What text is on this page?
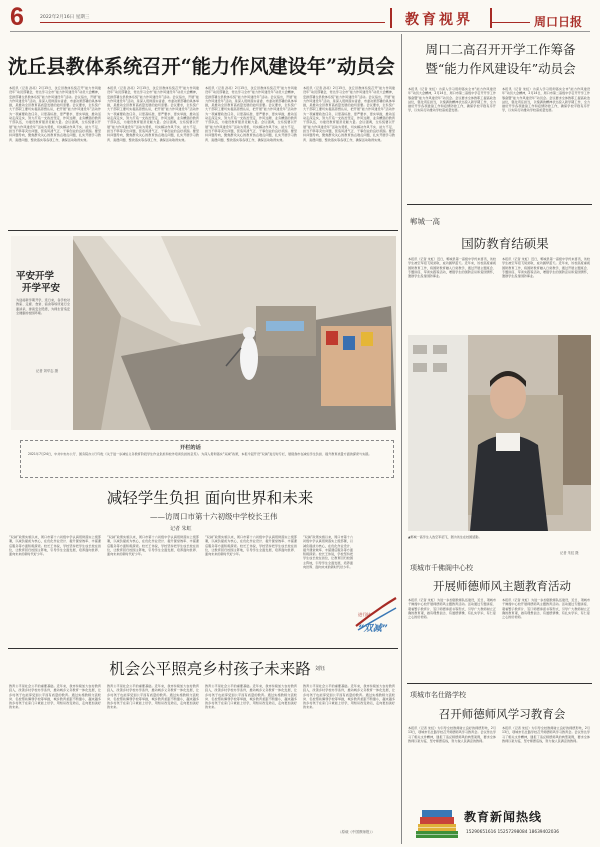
6	2022年2月16日 星期三	教育视界	周口日报
沈丘县教体系统召开“能力作风建设年”动员会
本报讯（记者 孙亮）2月15日，沈丘县教体系统召开“能力作风建设年”动员部署会，传达学习全市“能力作风建设年”动员大会精神，安排部署全县教体系统“能力作风建设年”活动。会议指出，开展“能力作风建设年”活动，是深入贯彻落实省委、市委决策部署的具体举措，是推动全县教育高质量发展的迫切需要。会议要求，全系统广大干部职工要切实提高思想认识，把开展“能力作风建设年”活动作为一项重要政治任务，以更高标准、更严要求、更实举措，推动活动走深走实，努力打造一支政治坚定、作风过硬、业务精湛的教育干部队伍，为建设教育强县贡献力量。会议强调，全系统要以开展“能力作风建设年”活动为契机，切实解决作风不实、能力不足、担当不够等突出问题，营造风清气正、干事创业的良好氛围。要坚持问题导向，聚焦群众关心的教育热点难点问题，扎实开展学习教育、查摆问题、整改落实等各项工作，确保活动取得实效。
本报讯（记者 孙亮）2月15日，沈丘县教体系统召开“能力作风建设年”动员部署会，传达学习全市“能力作风建设年”动员大会精神，安排部署全县教体系统“能力作风建设年”活动。会议指出，开展“能力作风建设年”活动，是深入贯彻落实省委、市委决策部署的具体举措，是推动全县教育高质量发展的迫切需要。会议要求，全系统广大干部职工要切实提高思想认识，把开展“能力作风建设年”活动作为一项重要政治任务，以更高标准、更严要求、更实举措，推动活动走深走实，努力打造一支政治坚定、作风过硬、业务精湛的教育干部队伍，为建设教育强县贡献力量。会议强调，全系统要以开展“能力作风建设年”活动为契机，切实解决作风不实、能力不足、担当不够等突出问题，营造风清气正、干事创业的良好氛围。要坚持问题导向，聚焦群众关心的教育热点难点问题，扎实开展学习教育、查摆问题、整改落实等各项工作，确保活动取得实效。
本报讯（记者 孙亮）2月15日，沈丘县教体系统召开“能力作风建设年”动员部署会，传达学习全市“能力作风建设年”动员大会精神，安排部署全县教体系统“能力作风建设年”活动。会议指出，开展“能力作风建设年”活动，是深入贯彻落实省委、市委决策部署的具体举措，是推动全县教育高质量发展的迫切需要。会议要求，全系统广大干部职工要切实提高思想认识，把开展“能力作风建设年”活动作为一项重要政治任务，以更高标准、更严要求、更实举措，推动活动走深走实，努力打造一支政治坚定、作风过硬、业务精湛的教育干部队伍，为建设教育强县贡献力量。会议强调，全系统要以开展“能力作风建设年”活动为契机，切实解决作风不实、能力不足、担当不够等突出问题，营造风清气正、干事创业的良好氛围。要坚持问题导向，聚焦群众关心的教育热点难点问题，扎实开展学习教育、查摆问题、整改落实等各项工作，确保活动取得实效。
本报讯（记者 孙亮）2月15日，沈丘县教体系统召开“能力作风建设年”动员部署会，传达学习全市“能力作风建设年”动员大会精神，安排部署全县教体系统“能力作风建设年”活动。会议指出，开展“能力作风建设年”活动，是深入贯彻落实省委、市委决策部署的具体举措，是推动全县教育高质量发展的迫切需要。会议要求，全系统广大干部职工要切实提高思想认识，把开展“能力作风建设年”活动作为一项重要政治任务，以更高标准、更严要求、更实举措，推动活动走深走实，努力打造一支政治坚定、作风过硬、业务精湛的教育干部队伍，为建设教育强县贡献力量。会议强调，全系统要以开展“能力作风建设年”活动为契机，切实解决作风不实、能力不足、担当不够等突出问题，营造风清气正、干事创业的良好氛围。要坚持问题导向，聚焦群众关心的教育热点难点问题，扎实开展学习教育、查摆问题、整改落实等各项工作，确保活动取得实效。
周口二高召开开学工作筹备
暨“能力作风建设年”动员会
本报讯（记者 朱虹）为深入学习贯彻落实全市“能力作风建设年”动员大会精神，2月14日，周口市第二高级中学召开开学工作筹备暨“能力作风建设年”动员会。会议要求全体教职工提高政治站位，强化责任担当，以饱满的精神状态投入新学期工作，全力做好开学各项准备工作和疫情防控工作，确保学校平稳有序开学，以实际行动推动学校高质量发展。
本报讯（记者 朱虹）为深入学习贯彻落实全市“能力作风建设年”动员大会精神，2月14日，周口市第二高级中学召开开学工作筹备暨“能力作风建设年”动员会。会议要求全体教职工提高政治站位，强化责任担当，以饱满的精神状态投入新学期工作，全力做好开学各项准备工作和疫情防控工作，确保学校平稳有序开学，以实际行动推动学校高质量发展。
郸城一高
国防教育结硕果
本报讯（记者 朱虹）近日，郸城县第一高级中学传来喜讯，该校学生被空军招飞局录取，成功圆梦蓝天。近年来，该校高度重视国防教育工作，将国防教育融入日常教学，通过开展主题班会、专题讲座、军训实践等活动，增强学生的国防意识和爱国情怀，激励学生投身国防事业。
本报讯（记者 朱虹）近日，郸城县第一高级中学传来喜讯，该校学生被空军招飞局录取，成功圆梦蓝天。近年来，该校高度重视国防教育工作，将国防教育融入日常教学，通过开展主题班会、专题讲座、军训实践等活动，增强学生的国防意识和爱国情怀，激励学生投身国防事业。
平安开学
开学平安
为迎接新学期开学，连日来，各学校对教室、走廊、食堂、宿舍等场所进行全面消杀，排查安全隐患，为师生营造安全健康的校园环境。
记者 刘华志 摄
▲郸城一高学生入选空军招飞，图为该生在校园留影。
记者 朱虹 摄
开栏的话
2021年7月24日，中共中央办公厅、国务院办公厅印发《关于进一步减轻义务教育阶段学生作业负担和校外培训负担的意见》。为深入贯彻落实“双减”政策，本报今起开设“双减”进行时专栏，展现我市在减轻学生负担、提升教育质量方面的探索与实践。
减轻学生负担 面向世界和未来
——访周口市第十六初级中学校长王伟
记者 朱虹
“双减”政策实施以来，周口市第十六初级中学认真贯彻落实上级部署，以减负提质为核心，在优化作业设计、提升课堂效率、丰富课后服务等方面积极探索。校长王伟说，学校坚持把学生成长放在首位，让教育回归校园主阵地，引导学生全面发展，培养面向世界、面向未来的新时代好少年。
“双减”政策实施以来，周口市第十六初级中学认真贯彻落实上级部署，以减负提质为核心，在优化作业设计、提升课堂效率、丰富课后服务等方面积极探索。校长王伟说，学校坚持把学生成长放在首位，让教育回归校园主阵地，引导学生全面发展，培养面向世界、面向未来的新时代好少年。
“双减”政策实施以来，周口市第十六初级中学认真贯彻落实上级部署，以减负提质为核心，在优化作业设计、提升课堂效率、丰富课后服务等方面积极探索。校长王伟说，学校坚持把学生成长放在首位，让教育回归校园主阵地，引导学生全面发展，培养面向世界、面向未来的新时代好少年。
“双减”政策实施以来，周口市第十六初级中学认真贯彻落实上级部署，以减负提质为核心，在优化作业设计、提升课堂效率、丰富课后服务等方面积极探索。校长王伟说，学校坚持把学生成长放在首位，让教育回归校园主阵地，引导学生全面发展，培养面向世界、面向未来的新时代好少年。
进行时
“双减”
机会公平照亮乡村孩子未来路 刘钰
教育公平是社会公平的重要基础。近年来，我市持续加大农村教育投入，改善乡村学校办学条件，推动城乡义务教育一体化发展，让乡村孩子也能享受到公平而有质量的教育。通过实施教师交流轮岗、名校帮扶薄弱学校等举措，城乡教育差距不断缩小，越来越多的乡村孩子在家门口就能上好学，用知识改变命运，走向更加美好的未来。
教育公平是社会公平的重要基础。近年来，我市持续加大农村教育投入，改善乡村学校办学条件，推动城乡义务教育一体化发展，让乡村孩子也能享受到公平而有质量的教育。通过实施教师交流轮岗、名校帮扶薄弱学校等举措，城乡教育差距不断缩小，越来越多的乡村孩子在家门口就能上好学，用知识改变命运，走向更加美好的未来。
教育公平是社会公平的重要基础。近年来，我市持续加大农村教育投入，改善乡村学校办学条件，推动城乡义务教育一体化发展，让乡村孩子也能享受到公平而有质量的教育。通过实施教师交流轮岗、名校帮扶薄弱学校等举措，城乡教育差距不断缩小，越来越多的乡村孩子在家门口就能上好学，用知识改变命运，走向更加美好的未来。
教育公平是社会公平的重要基础。近年来，我市持续加大农村教育投入，改善乡村学校办学条件，推动城乡义务教育一体化发展，让乡村孩子也能享受到公平而有质量的教育。通过实施教师交流轮岗、名校帮扶薄弱学校等举措，城乡教育差距不断缩小，越来越多的乡村孩子在家门口就能上好学，用知识改变命运，走向更加美好的未来。
（原载《中国教师报》）
项城市千佛阁中心校
开展师德师风主题教育活动
本报讯（记者 朱虹）为进一步加强教师队伍建设，近日，项城市千佛阁中心校开展师德师风主题教育活动。活动通过专题讲座、观看警示教育片、签订师德承诺书等形式，引导广大教师树立正确的教育观，做有理想信念、有道德情操、有扎实学识、有仁爱之心的好老师。
本报讯（记者 朱虹）为进一步加强教师队伍建设，近日，项城市千佛阁中心校开展师德师风主题教育活动。活动通过专题讲座、观看警示教育片、签订师德承诺书等形式，引导广大教师树立正确的教育观，做有理想信念、有道德情操、有扎实学识、有仁爱之心的好老师。
项城市名仕路学校
召开师德师风学习教育会
本报讯（记者 朱虹）为引导全校教师树立良好的师德形象，2月13日，项城市名仕路学校召开师德师风学习教育会。会议传达学习了相关文件精神，通报了违反师德师风的典型案例，要求全体教师以案为鉴，坚守师德底线，努力做人民满意的教师。
本报讯（记者 朱虹）为引导全校教师树立良好的师德形象，2月13日，项城市名仕路学校召开师德师风学习教育会。会议传达学习了相关文件精神，通报了违反师德师风的典型案例，要求全体教师以案为鉴，坚守师德底线，努力做人民满意的教师。
教育新闻热线
15290651616 15257298084 18639402036
